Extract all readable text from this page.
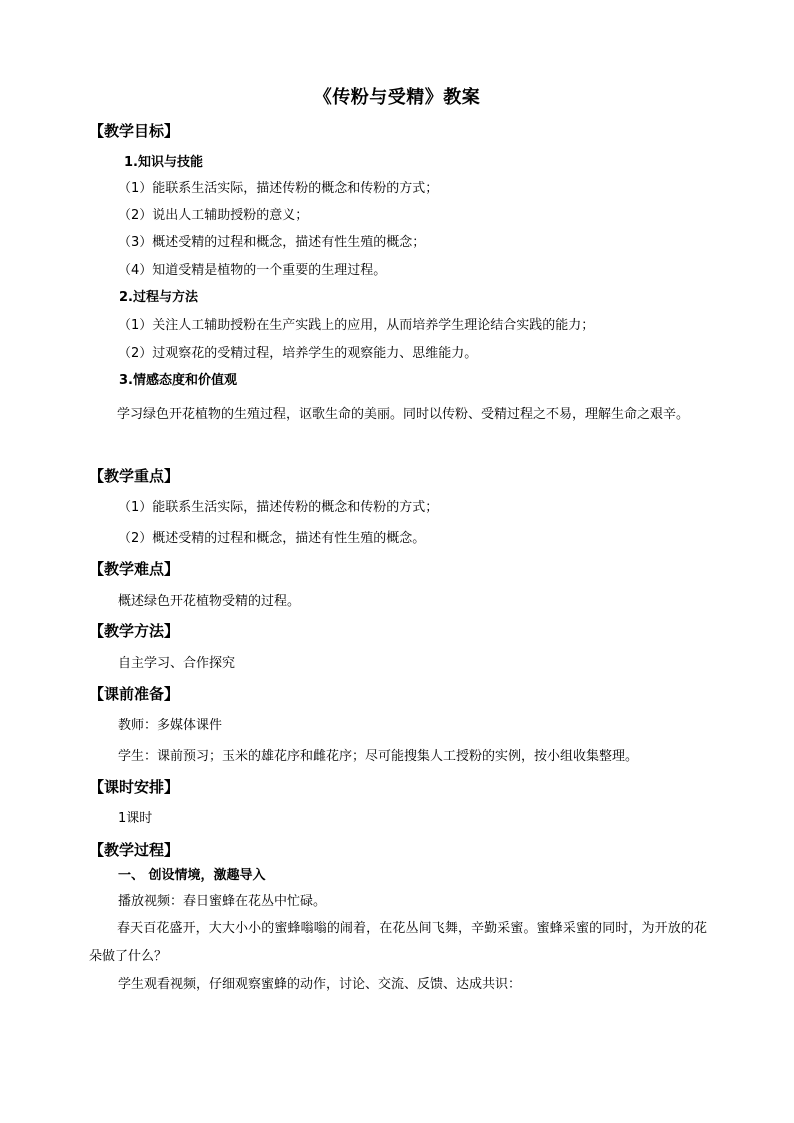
《传粉与受精》教案
【教学目标】
1.知识与技能
（1）能联系生活实际，描述传粉的概念和传粉的方式；
（2）说出人工辅助授粉的意义；
（3）概述受精的过程和概念，描述有性生殖的概念；
（4）知道受精是植物的一个重要的生理过程。
2.过程与方法
（1）关注人工辅助授粉在生产实践上的应用，从而培养学生理论结合实践的能力；
（2）过观察花的受精过程，培养学生的观察能力、思维能力。
3.情感态度和价值观
学习绿色开花植物的生殖过程，讴歌生命的美丽。同时以传粉、受精过程之不易，理解生命之艰辛。
【教学重点】
（1）能联系生活实际，描述传粉的概念和传粉的方式；
（2）概述受精的过程和概念，描述有性生殖的概念。
【教学难点】
概述绿色开花植物受精的过程。
【教学方法】
自主学习、合作探究
【课前准备】
教师：多媒体课件
学生：课前预习；玉米的雄花序和雌花序；尽可能搜集人工授粉的实例，按小组收集整理。
【课时安排】
1课时
【教学过程】
一、 创设情境，激趣导入
播放视频：春日蜜蜂在花丛中忙碌。
春天百花盛开，大大小小的蜜蜂嗡嗡的闹着，在花丛间飞舞，辛勤采蜜。蜜蜂采蜜的同时，为开放的花朵做了什么？
学生观看视频，仔细观察蜜蜂的动作，讨论、交流、反馈、达成共识：
